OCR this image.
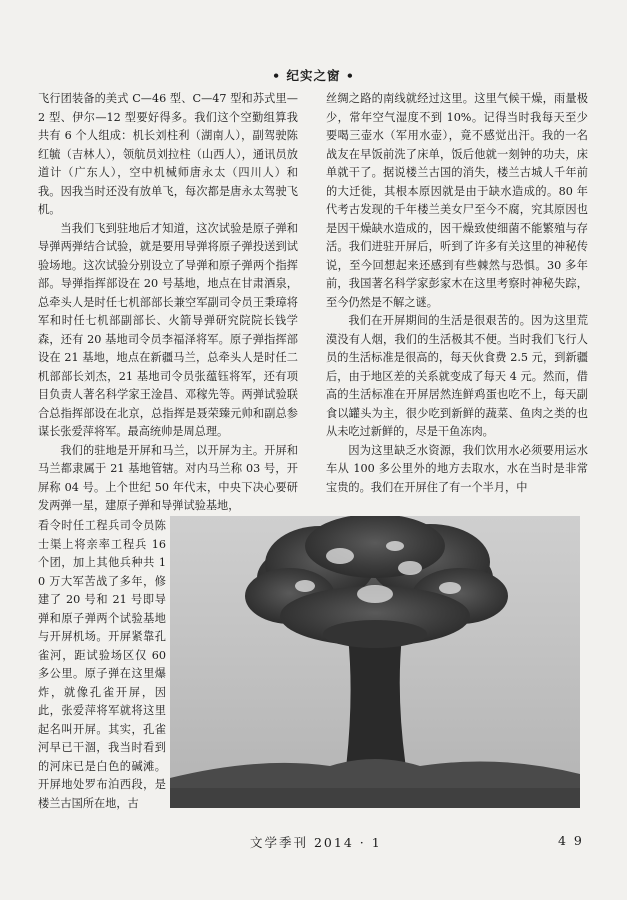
• 纪实之窗 •

飞行团装备的美式 C—46 型、C—47 型和苏式里—2 型、伊尔—12 型要好得多。我们这个空勤组算我共有 6 个人组成：机长刘柱利（湖南人），副驾驶陈红毓（吉林人），领航员刘拉柱（山西人），通讯员放道计（广东人），空中机械师唐永太（四川人）和我。因我当时还没有放单飞，每次都是唐永太驾驶飞机。

当我们飞到驻地后才知道，这次试验是原子弹和导弹两弹结合试验，就是要用导弹将原子弹投送到试验场地。这次试验分别设立了导弹和原子弹两个指挥部。导弹指挥部设在 20 号基地，地点在甘肃酒泉，总牵头人是时任七机部部长兼空军副司令员王秉璋将军和时任七机部副部长、火箭导弹研究院院长钱学森，还有 20 基地司令员李福泽将军。原子弹指挥部设在 21 基地，地点在新疆马兰，总牵头人是时任二机部部长刘杰，21 基地司令员张蕴钰将军，还有项目负责人著名科学家王淦昌、邓稼先等。两弹试验联合总指挥部设在北京，总指挥是聂荣臻元帅和副总参谋长张爱萍将军。最高统帅是周总理。

我们的驻地是开屏和马兰，以开屏为主。开屏和马兰都隶属于 21 基地管辖。对内马兰称 03 号，开屏称 04 号。上个世纪 50 年代末，中央下决心要研发两弹一星，建原子弹和导弹试验基地，

看令时任工程兵司令员陈士渠上将亲率工程兵 16 个团，加上其他兵种共 10 万大军苦战了多年，修建了 20 号和 21 号即导弹和原子弹两个试验基地与开屏机场。开屏紧靠孔雀河，距试验场区仅 60 多公里。原子弹在这里爆炸，就像孔雀开屏，因此，张爱萍将军就将这里起名叫开屏。其实，孔雀河早已干涸，我当时看到的河床已是白色的碱滩。开屏地处罗布泊西段，是楼兰古国所在地，古

丝绸之路的南线就经过这里。这里气候干燥，雨量极少，常年空气湿度不到 10%。记得当时我每天至少要喝三壶水（军用水壶），竟不感觉出汗。我的一名战友在早饭前洗了床单，饭后他就一刻钟的功夫，床单就干了。据说楼兰古国的消失，楼兰古城人千年前的大迁徙，其根本原因就是由于缺水造成的。80 年代考古发现的千年楼兰美女尸至今不腐，究其原因也是因干燥缺水造成的，因干燥致使细菌不能繁殖与存活。我们进驻开屏后，听到了许多有关这里的神秘传说，至今回想起来还感到有些棘然与恐惧。30 多年前，我国著名科学家彭家木在这里考察时神秘失踪，至今仍然是不解之谜。

我们在开屏期间的生活是很艰苦的。因为这里荒漠没有人烟，我们的生活极其不便。当时我们飞行人员的生活标准是很高的，每天伙食费 2.5 元，到新疆后，由于地区差的关系就变成了每天 4 元。然而，借高的生活标准在开屏居然连鲜鸡蛋也吃不上，每天副食以罐头为主，很少吃到新鲜的蔬菜、鱼肉之类的也从未吃过新鲜的，尽是干鱼冻肉。

因为这里缺乏水资源，我们饮用水必须要用运水车从 100 多公里外的地方去取水，水在当时是非常宝贵的。我们在开屏住了有一个半月，中

文学季刊 2014 · 1	4 9
